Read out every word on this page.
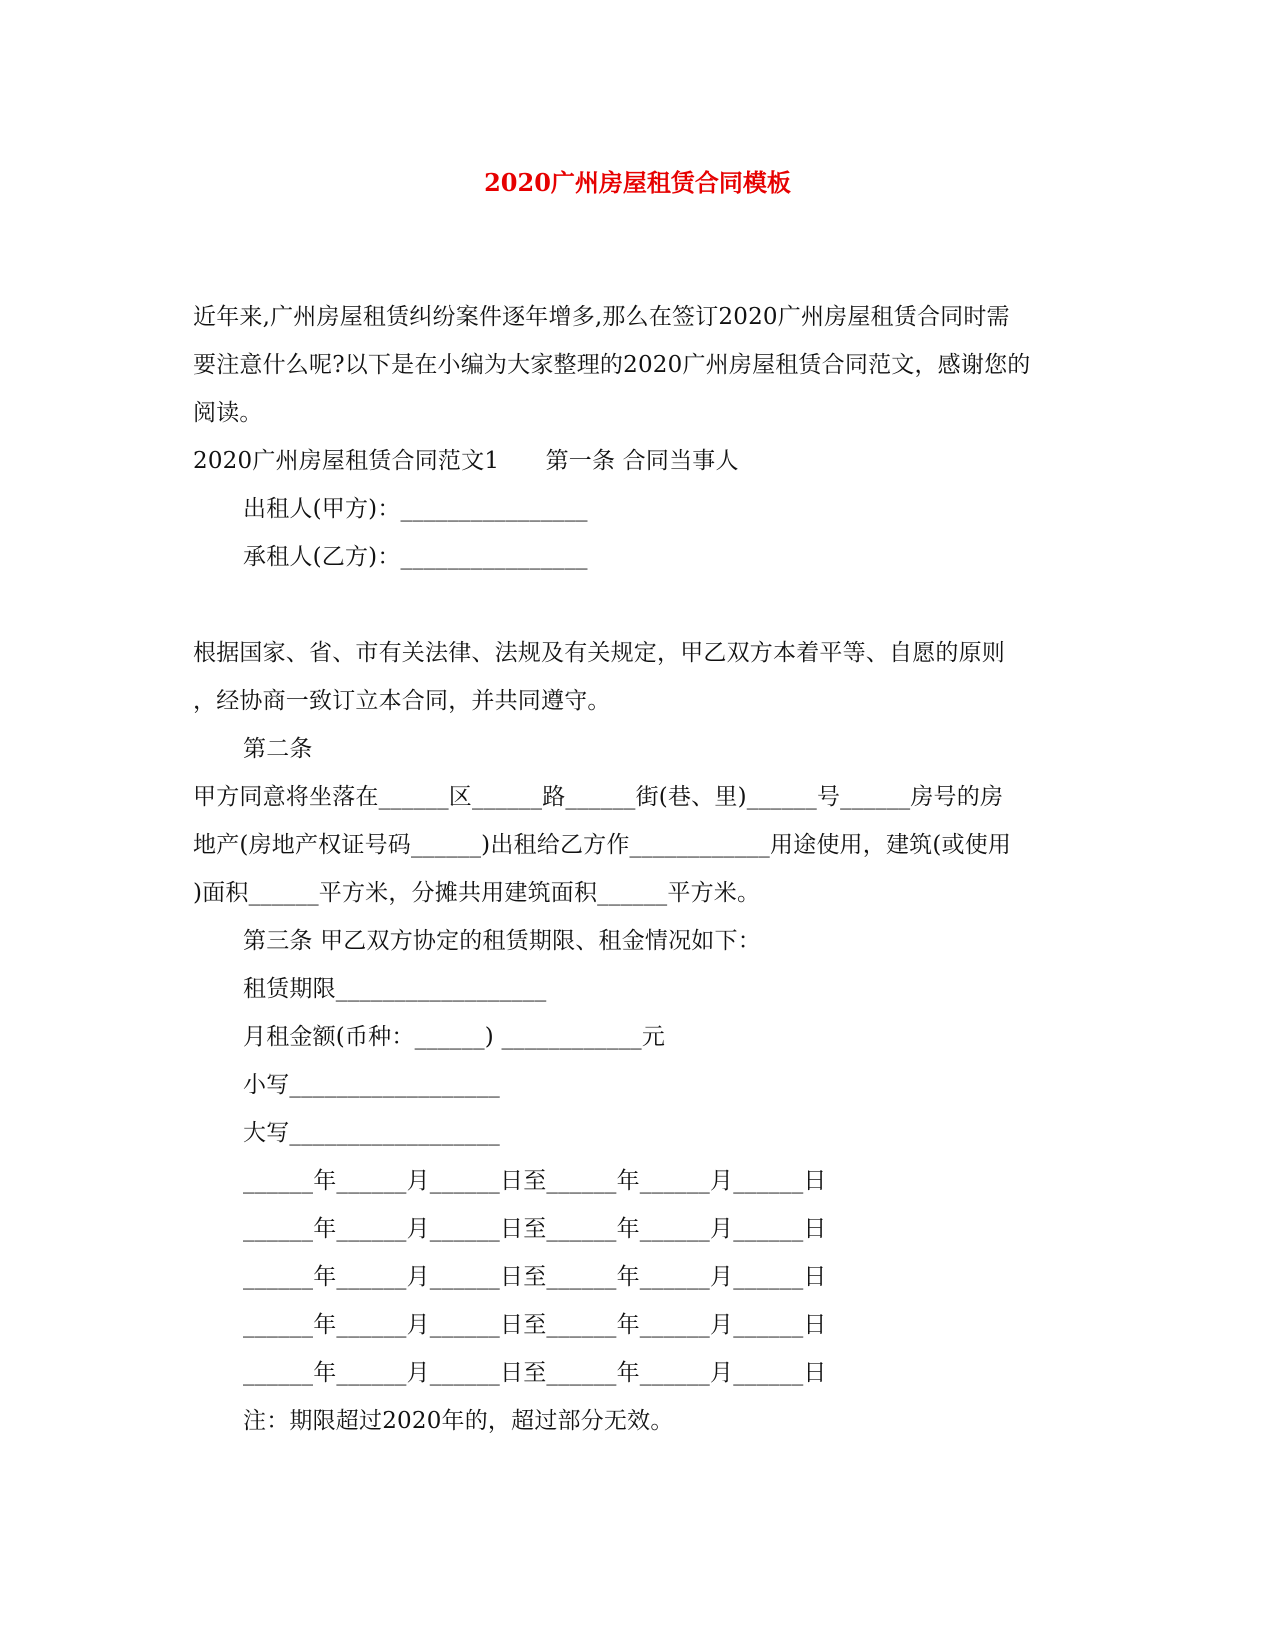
2020广州房屋租赁合同模板
近年来,广州房屋租赁纠纷案件逐年增多,那么在签订2020广州房屋租赁合同时需
要注意什么呢?以下是在小编为大家整理的2020广州房屋租赁合同范文，感谢您的
阅读。
2020广州房屋租赁合同范文1　　第一条 合同当事人
出租人(甲方)：________________
承租人(乙方)：________________
根据国家、省、市有关法律、法规及有关规定，甲乙双方本着平等、自愿的原则
，经协商一致订立本合同，并共同遵守。
第二条
甲方同意将坐落在______区______路______街(巷、里)______号______房号的房
地产(房地产权证号码______)出租给乙方作____________用途使用，建筑(或使用
)面积______平方米，分摊共用建筑面积______平方米。
第三条 甲乙双方协定的租赁期限、租金情况如下：
租赁期限__________________
月租金额(币种：______) ____________元
小写__________________
大写__________________
______年______月______日至______年______月______日
______年______月______日至______年______月______日
______年______月______日至______年______月______日
______年______月______日至______年______月______日
______年______月______日至______年______月______日
注：期限超过2020年的，超过部分无效。
